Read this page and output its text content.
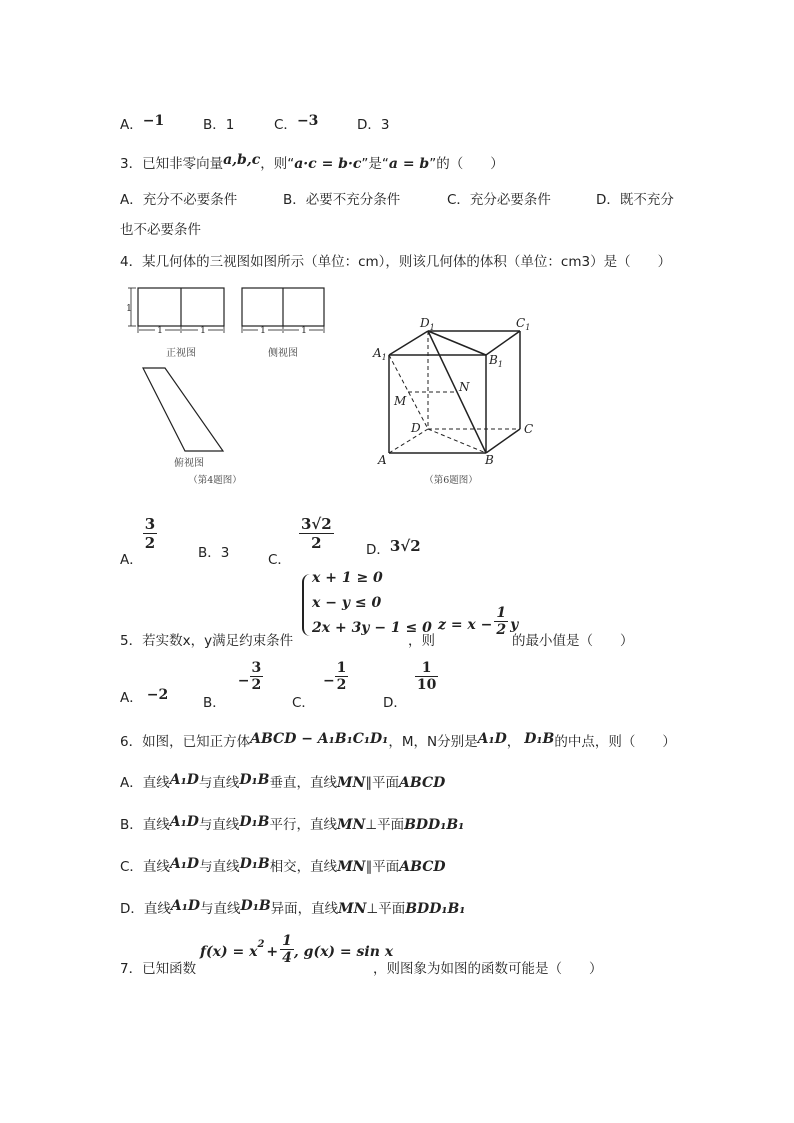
A．−1	B．1	C．−3	D．3
3．已知非零向量a,b,c，则“a·c = b·c”是“a = b”的（　　）
A．充分不必要条件	B．必要不充分条件	C．充分必要条件	D．既不充分
也不必要条件
4．某几何体的三视图如图所示（单位：cm），则该几何体的体积（单位：cm3）是（　　）
1
1	1
正视图
1	1
侧视图
俯视图
（第4题图）
$D_1$	$C_1$
$A_1$	$B_1$
N
M
D	C
A	B
（第6题图）
A．
$\frac{3}{2}$
B．3	C．
$\frac{3√2}{2}$ D．3√2
5．若实数x，y满足约束条件
x + 1 ≥ 0
x − y ≤ 0
2x + 3y − 1 ≤ 0
，则
$z = x - \frac{1}{2}$ y
的最小值是（　　）
A． −2	B．− $\frac{3}{2}$
C．− $\frac{1}{2}$
D．
$\frac{1}{10}$
6．如图，已知正方体ABCD − A₁B₁C₁D₁，M，N分别是A₁D， D₁B的中点，则（　　）
A．直线A₁D与直线D₁B垂直，直线MN∥平面ABCD
B．直线A₁D与直线D₁B平行，直线MN⊥平面BDD₁B₁
C．直线A₁D与直线D₁B相交，直线MN∥平面ABCD
D．直线A₁D与直线D₁B异面，直线MN⊥平面BDD₁B₁
7．已知函数
$f(x) = x^2 + \frac{1}{4}$ , g(x) = sin x
，则图象为如图的函数可能是（　　）
